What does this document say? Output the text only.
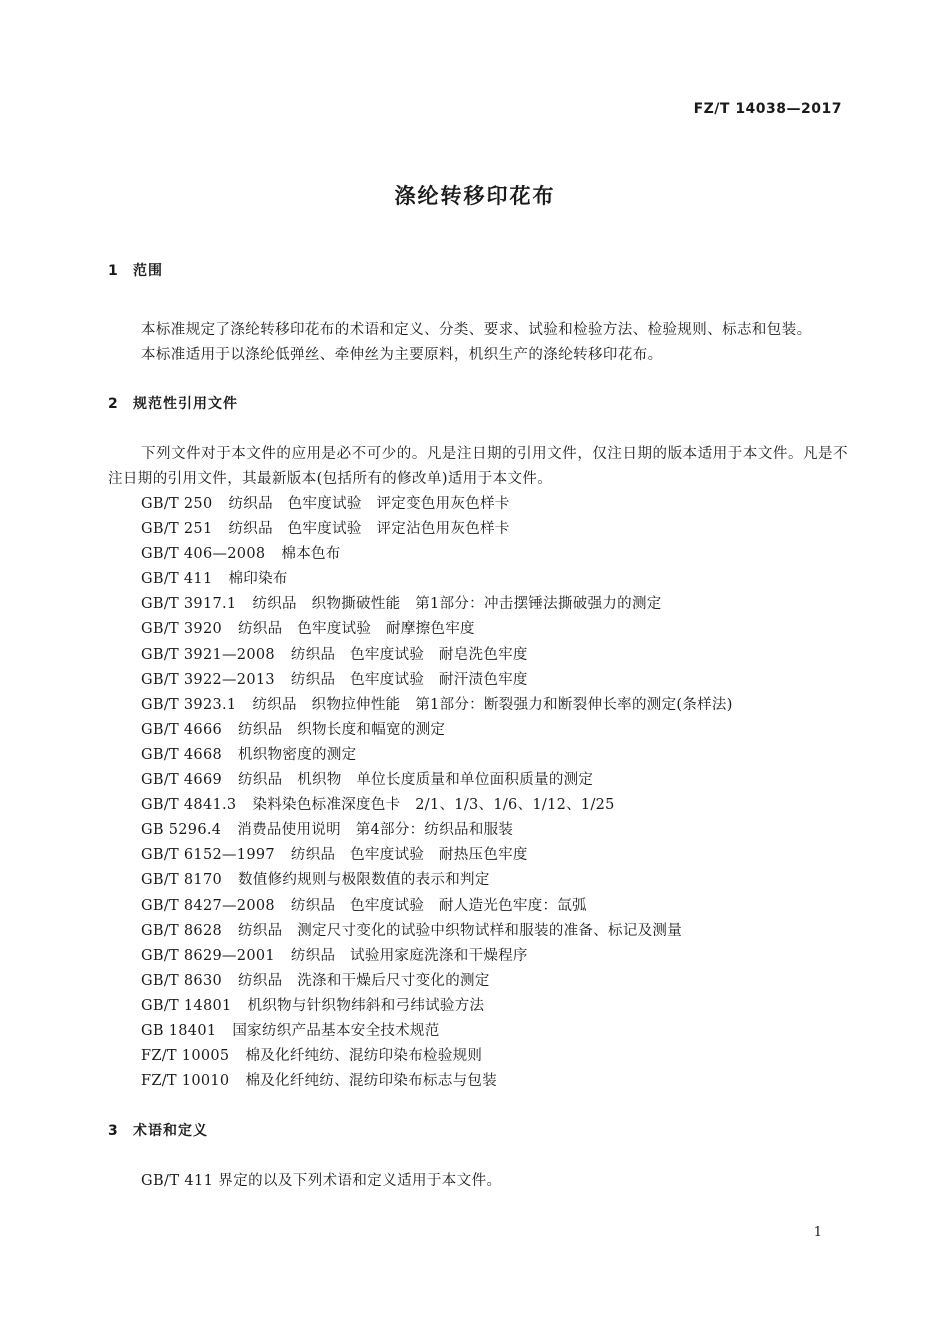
FZ/T 14038—2017
涤纶转移印花布
1	范围
本标准规定了涤纶转移印花布的术语和定义、分类、要求、试验和检验方法、检验规则、标志和包装。
本标准适用于以涤纶低弹丝、牵伸丝为主要原料，机织生产的涤纶转移印花布。
2	规范性引用文件
下列文件对于本文件的应用是必不可少的。凡是注日期的引用文件，仅注日期的版本适用于本文件。凡是不注日期的引用文件，其最新版本(包括所有的修改单)适用于本文件。
GB/T 250 纺织品　色牢度试验　评定变色用灰色样卡
GB/T 251 纺织品　色牢度试验　评定沾色用灰色样卡
GB/T 406—2008 棉本色布
GB/T 411 棉印染布
GB/T 3917.1 纺织品　织物撕破性能　第1部分：冲击摆锤法撕破强力的测定
GB/T 3920 纺织品　色牢度试验　耐摩擦色牢度
GB/T 3921—2008 纺织品　色牢度试验　耐皂洗色牢度
GB/T 3922—2013 纺织品　色牢度试验　耐汗渍色牢度
GB/T 3923.1 纺织品　织物拉伸性能　第1部分：断裂强力和断裂伸长率的测定(条样法)
GB/T 4666 纺织品　织物长度和幅宽的测定
GB/T 4668 机织物密度的测定
GB/T 4669 纺织品　机织物　单位长度质量和单位面积质量的测定
GB/T 4841.3 染料染色标准深度色卡　2/1、1/3、1/6、1/12、1/25
GB 5296.4 消费品使用说明　第4部分：纺织品和服装
GB/T 6152—1997 纺织品　色牢度试验　耐热压色牢度
GB/T 8170 数值修约规则与极限数值的表示和判定
GB/T 8427—2008 纺织品　色牢度试验　耐人造光色牢度：氙弧
GB/T 8628 纺织品　测定尺寸变化的试验中织物试样和服装的准备、标记及测量
GB/T 8629—2001 纺织品　试验用家庭洗涤和干燥程序
GB/T 8630 纺织品　洗涤和干燥后尺寸变化的测定
GB/T 14801 机织物与针织物纬斜和弓纬试验方法
GB 18401 国家纺织产品基本安全技术规范
FZ/T 10005 棉及化纤纯纺、混纺印染布检验规则
FZ/T 10010 棉及化纤纯纺、混纺印染布标志与包装
3	术语和定义
GB/T 411 界定的以及下列术语和定义适用于本文件。
1
